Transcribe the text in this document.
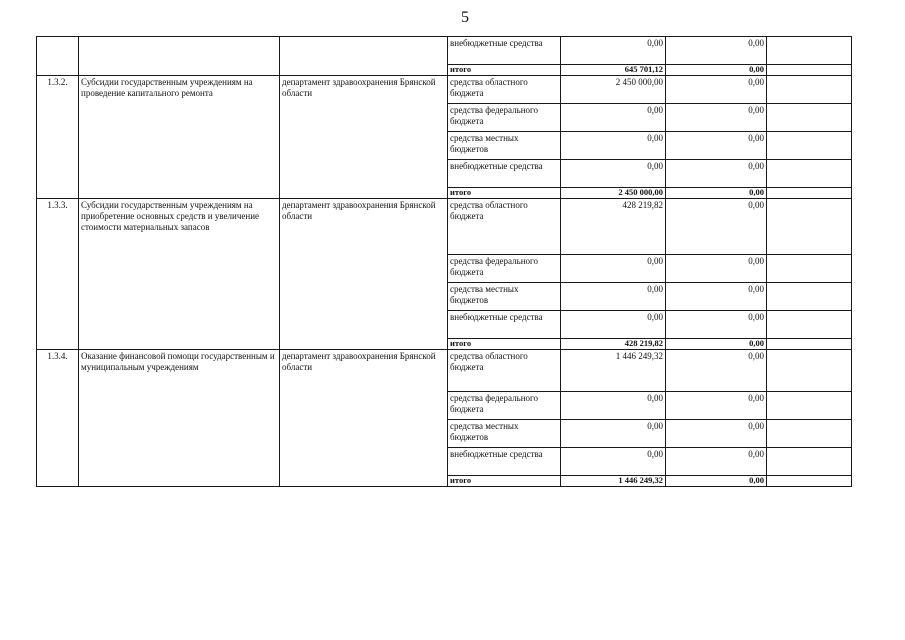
5
			внебюджетные средства	0,00	0,00	
			итого	645 701,12	0,00	
1.3.2.	Субсидии государственным учреждениям на проведение капитального ремонта	департамент здравоохранения Брянской области	средства областного бюджета	2 450 000,00	0,00	
			средства федерального бюджета	0,00	0,00	
			средства местных бюджетов	0,00	0,00	
			внебюджетные средства	0,00	0,00	
			итого	2 450 000,00	0,00	
1.3.3.	Субсидии государственным учреждениям на приобретение основных средств и увеличение стоимости материальных запасов	департамент здравоохранения Брянской области	средства областного бюджета	428 219,82	0,00	
			средства федерального бюджета	0,00	0,00	
			средства местных бюджетов	0,00	0,00	
			внебюджетные средства	0,00	0,00	
			итого	428 219,82	0,00	
1.3.4.	Оказание финансовой помощи государственным и муниципальным учреждениям	департамент здравоохранения Брянской области	средства областного бюджета	1 446 249,32	0,00	
			средства федерального бюджета	0,00	0,00	
			средства местных бюджетов	0,00	0,00	
			внебюджетные средства	0,00	0,00	
			итого	1 446 249,32	0,00	
